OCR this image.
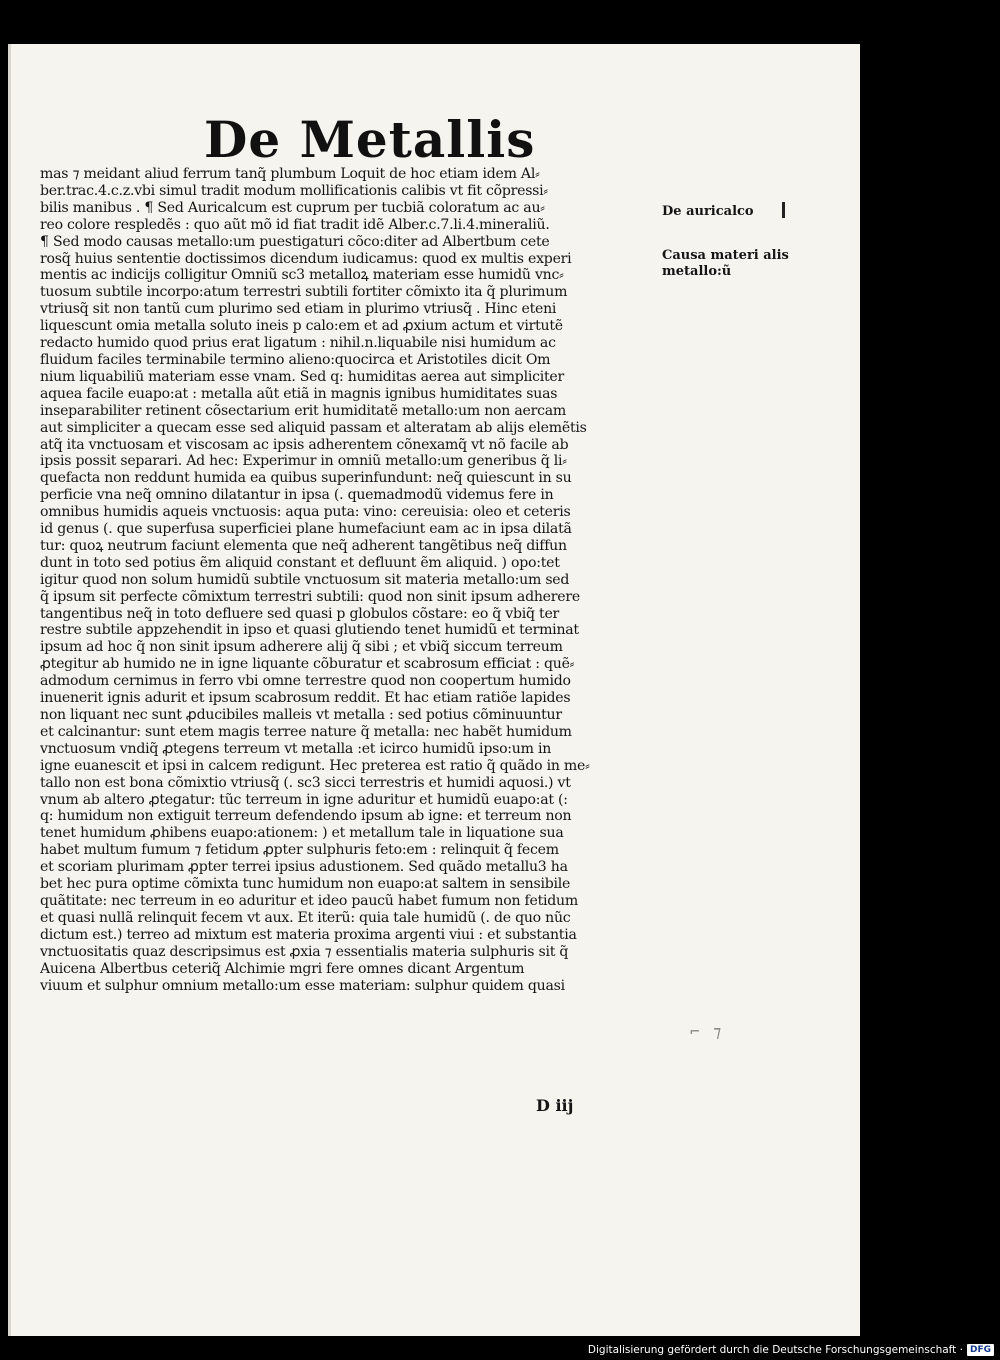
De Metallis
mas ⁊ meidant aliud ferrum tanq̃ plumbum Loquit de hoc etiam idem Al⸗
ber.trac.4.c.z.vbi simul tradit modum mollificationis calibis vt fit cõpressi⸗
bilis manibus . ¶ Sed Auricalcum est cuprum per tucbiã coloratum ac au⸗
reo colore respledẽs : quo aũt mõ id fiat tradit idẽ Alber.c.7.li.4.mineraliũ.
¶ Sed modo causas metallo:um puestigaturi cõco:diter ad Albertbum cete
rosq̃ huius sententie doctissimos dicendum iudicamus: quod ex multis experi
mentis ac indicijs colligitur Omniũ sc3 metalloꝝ materiam esse humidũ vnc⸗
tuosum subtile incorpo:atum terrestri subtili fortiter cõmixto ita q̃ plurimum
vtriusq̃ sit non tantũ cum plurimo sed etiam in plurimo vtriusq̃ . Hinc eteni
liquescunt omia metalla soluto ineis p calo:em et ad ꝓxium actum et virtutẽ
redacto humido quod prius erat ligatum : nihil.n.liquabile nisi humidum ac
fluidum faciles terminabile termino alieno:quocirca et Aristotiles dicit Om
nium liquabiliũ materiam esse vnam. Sed q: humiditas aerea aut simpliciter
aquea facile euapo:at : metalla aũt etiã in magnis ignibus humiditates suas
inseparabiliter retinent cõsectarium erit humiditatẽ metallo:um non aercam
aut simpliciter a quecam esse sed aliquid passam et alteratam ab alijs elemẽtis
atq̃ ita vnctuosam et viscosam ac ipsis adherentem cõnexamq̃ vt nõ facile ab
ipsis possit separari. Ad hec: Experimur in omniũ metallo:um generibus q̃ li⸗
quefacta non reddunt humida ea quibus superinfundunt: neq̃ quiescunt in su
perficie vna neq̃ omnino dilatantur in ipsa (. quemadmodũ videmus fere in
omnibus humidis aqueis vnctuosis: aqua puta: vino: cereuisia: oleo et ceteris
id genus (. que superfusa superficiei plane humefaciunt eam ac in ipsa dilatã
tur: quoꝝ neutrum faciunt elementa que neq̃ adherent tangẽtibus neq̃ diffun
dunt in toto sed potius ẽm aliquid constant et defluunt ẽm aliquid. ) opo:tet
igitur quod non solum humidũ subtile vnctuosum sit materia metallo:um sed
q̃ ipsum sit perfecte cõmixtum terrestri subtili: quod non sinit ipsum adherere
tangentibus neq̃ in toto defluere sed quasi p globulos cõstare: eo q̃ vbiq̃ ter
restre subtile appzehendit in ipso et quasi glutiendo tenet humidũ et terminat
ipsum ad hoc q̃ non sinit ipsum adherere alij q̃ sibi ; et vbiq̃ siccum terreum
ꝓtegitur ab humido ne in igne liquante cõburatur et scabrosum efficiat : quẽ⸗
admodum cernimus in ferro vbi omne terrestre quod non coopertum humido
inuenerit ignis adurit et ipsum scabrosum reddit. Et hac etiam ratiõe lapides
non liquant nec sunt ꝓducibiles malleis vt metalla : sed potius cõminuuntur
et calcinantur: sunt etem magis terree nature q̃ metalla: nec habẽt humidum
vnctuosum vndiq̃ ꝓtegens terreum vt metalla :et icirco humidũ ipso:um in
igne euanescit et ipsi in calcem redigunt. Hec preterea est ratio q̃ quãdo in me⸗
tallo non est bona cõmixtio vtriusq̃ (. sc3 sicci terrestris et humidi aquosi.) vt
vnum ab altero ꝓtegatur: tũc terreum in igne aduritur et humidũ euapo:at (:
q: humidum non extiguit terreum defendendo ipsum ab igne: et terreum non
tenet humidum ꝓhibens euapo:ationem: ) et metallum tale in liquatione sua
habet multum fumum ⁊ fetidum ꝓpter sulphuris feto:em : relinquit q̃ fecem
et scoriam plurimam ꝓpter terrei ipsius adustionem. Sed quãdo metallu3 ha
bet hec pura optime cõmixta tunc humidum non euapo:at saltem in sensibile
quãtitate: nec terreum in eo aduritur et ideo paucũ habet fumum non fetidum
et quasi nullã relinquit fecem vt aux. Et iterũ: quia tale humidũ (. de quo nũc
dictum est.) terreo ad mixtum est materia proxima argenti viui : et substantia
vnctuositatis quaz descripsimus est ꝓxia ⁊ essentialis materia sulphuris sit q̃
Auicena Albertbus ceteriq̃ Alchimie mgri fere omnes dicant Argentum
viuum et sulphur omnium metallo:um esse materiam: sulphur quidem quasi
De auricalco
Causa materi alis metallo:ũ
⌐ ⁊
D iij
Digitalisierung gefördert durch die Deutsche Forschungsgemeinschaft · DFG
